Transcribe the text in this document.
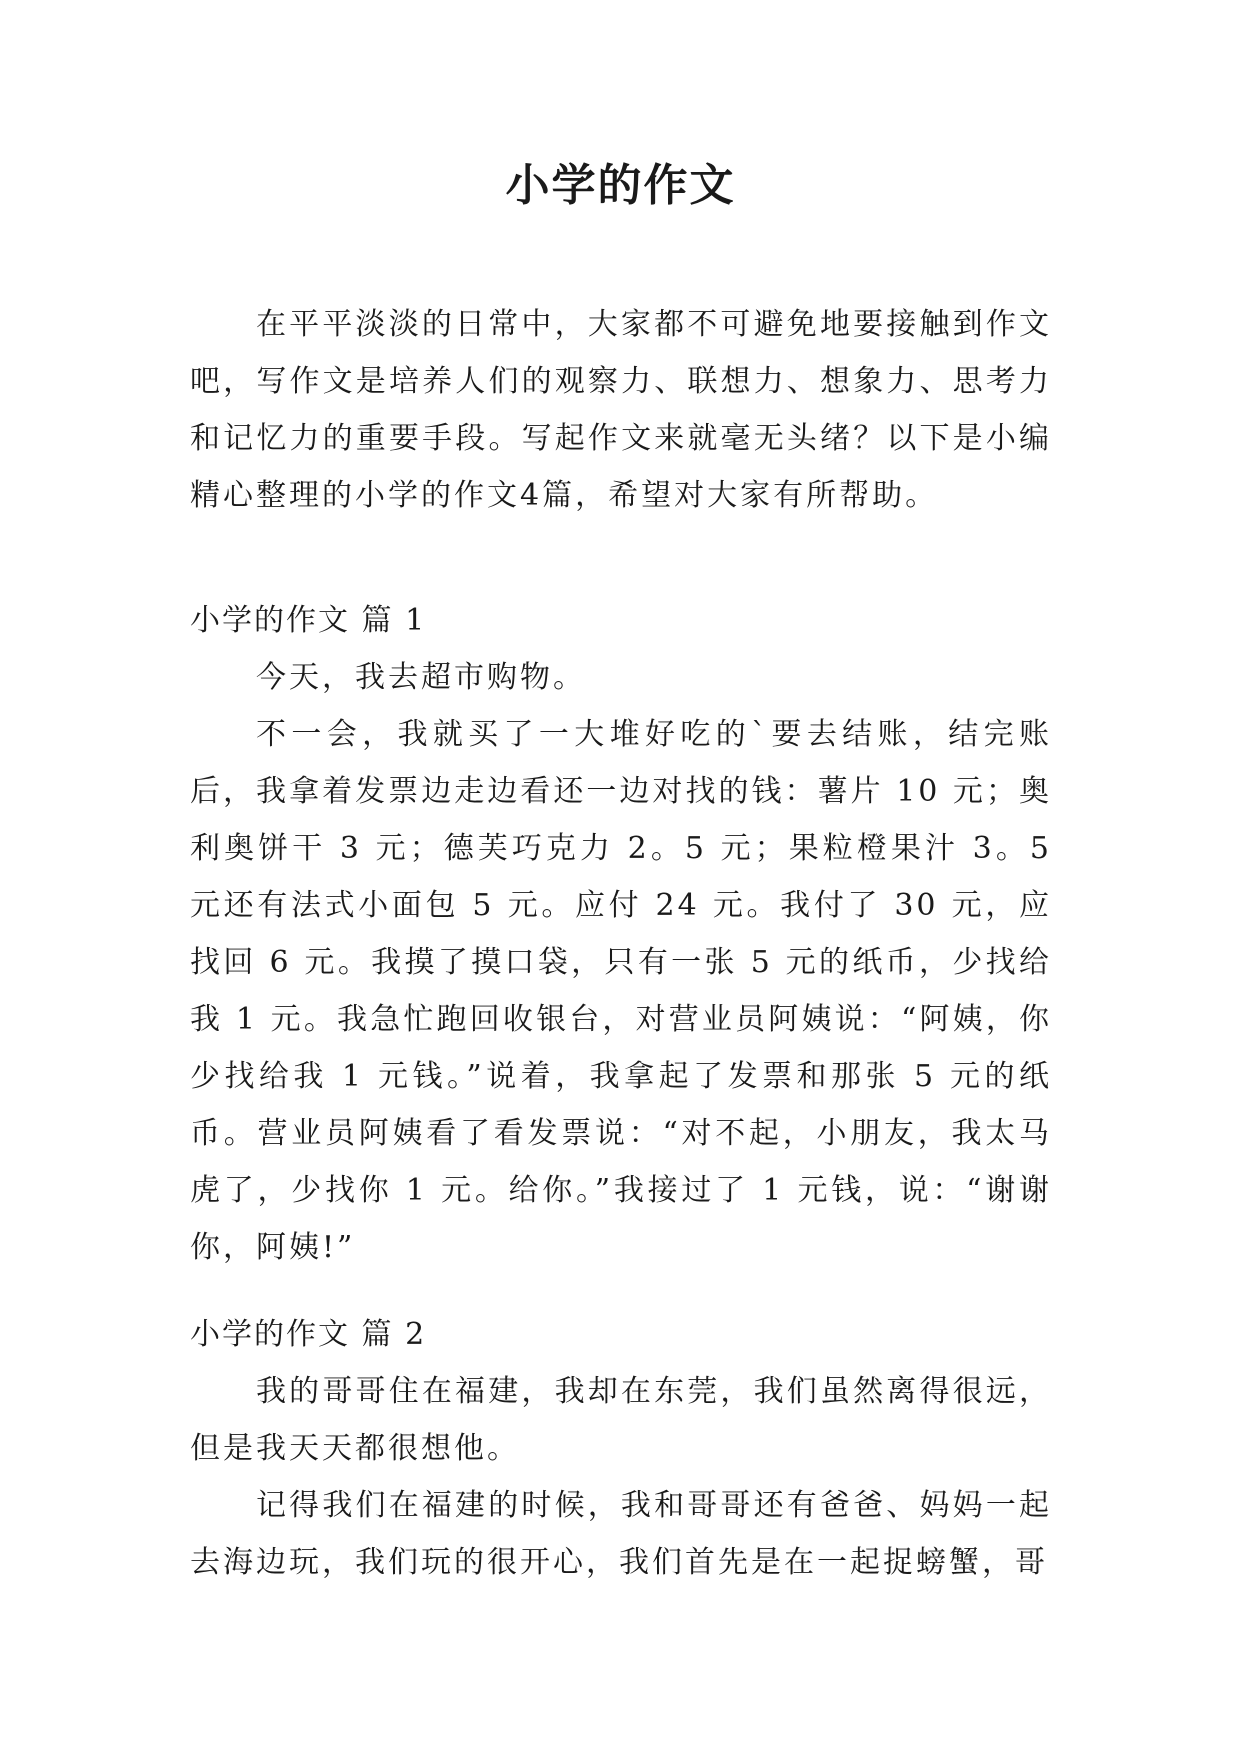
小学的作文

在平平淡淡的日常中，大家都不可避免地要接触到作文吧，写作文是培养人们的观察力、联想力、想象力、思考力和记忆力的重要手段。写起作文来就毫无头绪？以下是小编精心整理的小学的作文4篇，希望对大家有所帮助。

小学的作文 篇 1

今天，我去超市购物。

不一会，我就买了一大堆好吃的`要去结账，结完账后，我拿着发票边走边看还一边对找的钱：薯片 10 元；奥利奥饼干 3 元；德芙巧克力 2。5 元；果粒橙果汁 3。5 元还有法式小面包 5 元。应付 24 元。我付了 30 元，应找回 6 元。我摸了摸口袋，只有一张 5 元的纸币，少找给我 1 元。我急忙跑回收银台，对营业员阿姨说：“阿姨，你少找给我 1 元钱。”说着，我拿起了发票和那张 5 元的纸币。营业员阿姨看了看发票说：“对不起，小朋友，我太马虎了，少找你 1 元。给你。”我接过了 1 元钱，说：“谢谢你，阿姨!”

小学的作文 篇 2

我的哥哥住在福建，我却在东莞，我们虽然离得很远，但是我天天都很想他。

记得我们在福建的时候，我和哥哥还有爸爸、妈妈一起去海边玩，我们玩的很开心，我们首先是在一起捉螃蟹，哥
